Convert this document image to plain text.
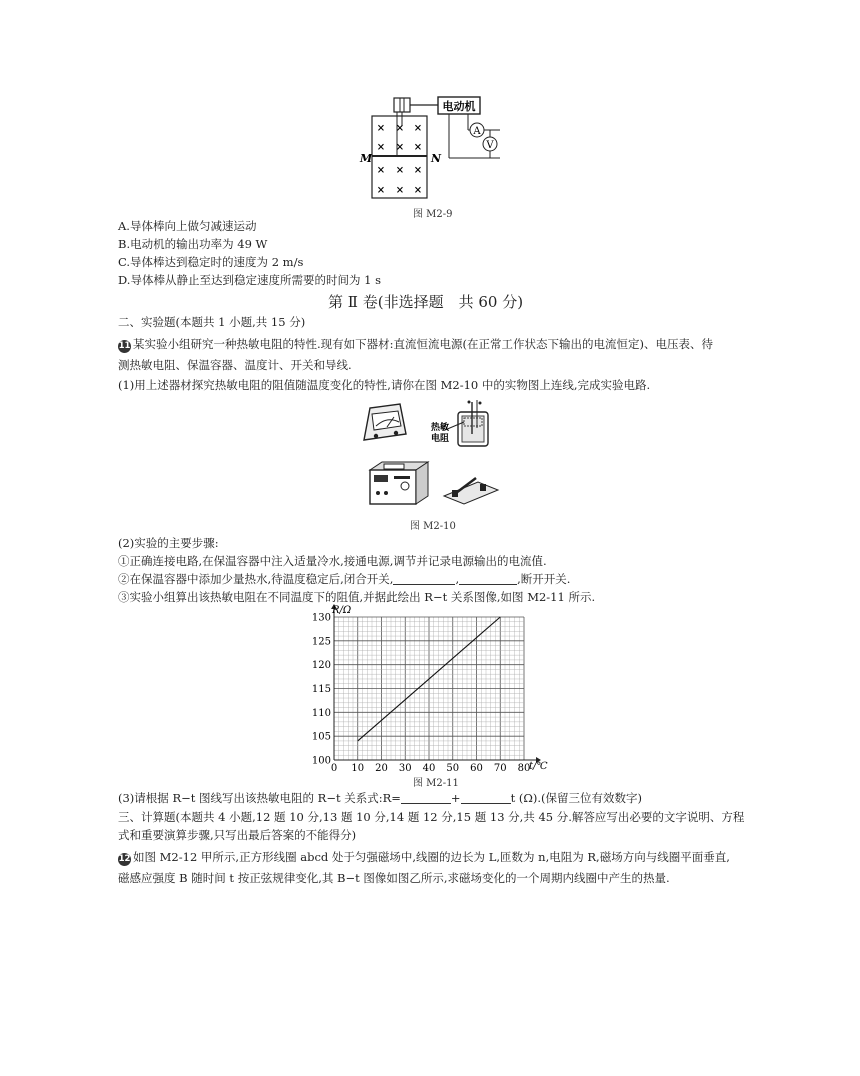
电动机
A
V
M	N
× × ×
× × ×
× × ×
× × ×
图 M2-9
A.导体棒向上做匀减速运动
B.电动机的输出功率为 49 W
C.导体棒达到稳定时的速度为 2 m/s
D.导体棒从静止至达到稳定速度所需要的时间为 1 s
第 Ⅱ 卷(非选择题　共 60 分)
二、实验题(本题共 1 小题,共 15 分)
11 某实验小组研究一种热敏电阻的特性.现有如下器材:直流恒流电源(在正常工作状态下输出的电流恒定)、电压表、待
测热敏电阻、保温容器、温度计、开关和导线.
(1)用上述器材探究热敏电阻的阻值随温度变化的特性,请你在图 M2-10 中的实物图上连线,完成实验电路.
热敏
电阻
图 M2-10
(2)实验的主要步骤:
①正确连接电路,在保温容器中注入适量冷水,接通电源,调节并记录电源输出的电流值.
②在保温容器中添加少量热水,待温度稳定后,闭合开关,	,	,断开开关.
③实验小组算出该热敏电阻在不同温度下的阻值,并据此绘出 R−t 关系图像,如图 M2-11 所示.
0 10 20 30 40 50 60 70 80
100
105
110
115
120
125
130
R/Ω
t/℃
图 M2-11
(3)请根据 R−t 图线写出该热敏电阻的 R−t 关系式:R=	+	t (Ω).(保留三位有效数字)
三、计算题(本题共 4 小题,12 题 10 分,13 题 10 分,14 题 12 分,15 题 13 分,共 45 分.解答应写出必要的文字说明、方程
式和重要演算步骤,只写出最后答案的不能得分)
12 如图 M2-12 甲所示,正方形线圈 abcd 处于匀强磁场中,线圈的边长为 L,匝数为 n,电阻为 R,磁场方向与线圈平面垂直,
磁感应强度 B 随时间 t 按正弦规律变化,其 B−t 图像如图乙所示,求磁场变化的一个周期内线圈中产生的热量.
